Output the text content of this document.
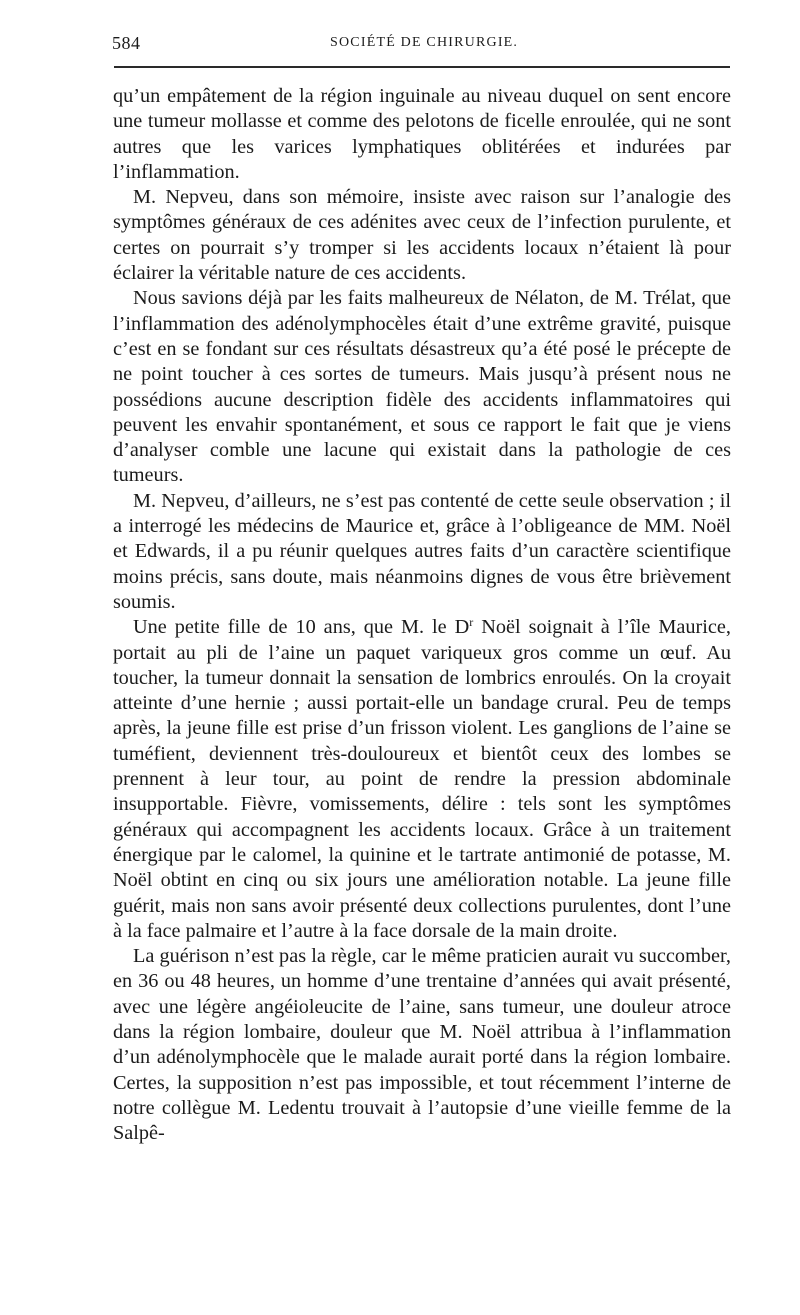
584	SOCIÉTÉ DE CHIRURGIE.

qu’un empâtement de la région inguinale au niveau duquel on sent encore une tumeur mollasse et comme des pelotons de ficelle enroulée, qui ne sont autres que les varices lymphatiques oblitérées et indurées par l’inflammation.

M. Nepveu, dans son mémoire, insiste avec raison sur l’analogie des symptômes généraux de ces adénites avec ceux de l’infection purulente, et certes on pourrait s’y tromper si les accidents locaux n’étaient là pour éclairer la véritable nature de ces accidents.

Nous savions déjà par les faits malheureux de Nélaton, de M. Trélat, que l’inflammation des adénolymphocèles était d’une extrême gravité, puisque c’est en se fondant sur ces résultats désastreux qu’a été posé le précepte de ne point toucher à ces sortes de tumeurs. Mais jusqu’à présent nous ne possédions aucune description fidèle des accidents inflammatoires qui peuvent les envahir spontanément, et sous ce rapport le fait que je viens d’analyser comble une lacune qui existait dans la pathologie de ces tumeurs.

M. Nepveu, d’ailleurs, ne s’est pas contenté de cette seule observation ; il a interrogé les médecins de Maurice et, grâce à l’obligeance de MM. Noël et Edwards, il a pu réunir quelques autres faits d’un caractère scientifique moins précis, sans doute, mais néanmoins dignes de vous être brièvement soumis.

Une petite fille de 10 ans, que M. le $D^r$ Noël soignait à l’île Maurice, portait au pli de l’aine un paquet variqueux gros comme un œuf. Au toucher, la tumeur donnait la sensation de lombrics enroulés. On la croyait atteinte d’une hernie ; aussi portait-elle un bandage crural. Peu de temps après, la jeune fille est prise d’un frisson violent. Les ganglions de l’aine se tuméfient, deviennent très-douloureux et bientôt ceux des lombes se prennent à leur tour, au point de rendre la pression abdominale insupportable. Fièvre, vomissements, délire : tels sont les symptômes généraux qui accompagnent les accidents locaux. Grâce à un traitement énergique par le calomel, la quinine et le tartrate antimonié de potasse, M. Noël obtint en cinq ou six jours une amélioration notable. La jeune fille guérit, mais non sans avoir présenté deux collections purulentes, dont l’une à la face palmaire et l’autre à la face dorsale de la main droite.

La guérison n’est pas la règle, car le même praticien aurait vu succomber, en 36 ou 48 heures, un homme d’une trentaine d’années qui avait présenté, avec une légère angéioleucite de l’aine, sans tumeur, une douleur atroce dans la région lombaire, douleur que M. Noël attribua à l’inflammation d’un adénolymphocèle que le malade aurait porté dans la région lombaire. Certes, la supposition n’est pas impossible, et tout récemment l’interne de notre collègue M. Ledentu trouvait à l’autopsie d’une vieille femme de la Salpê-
